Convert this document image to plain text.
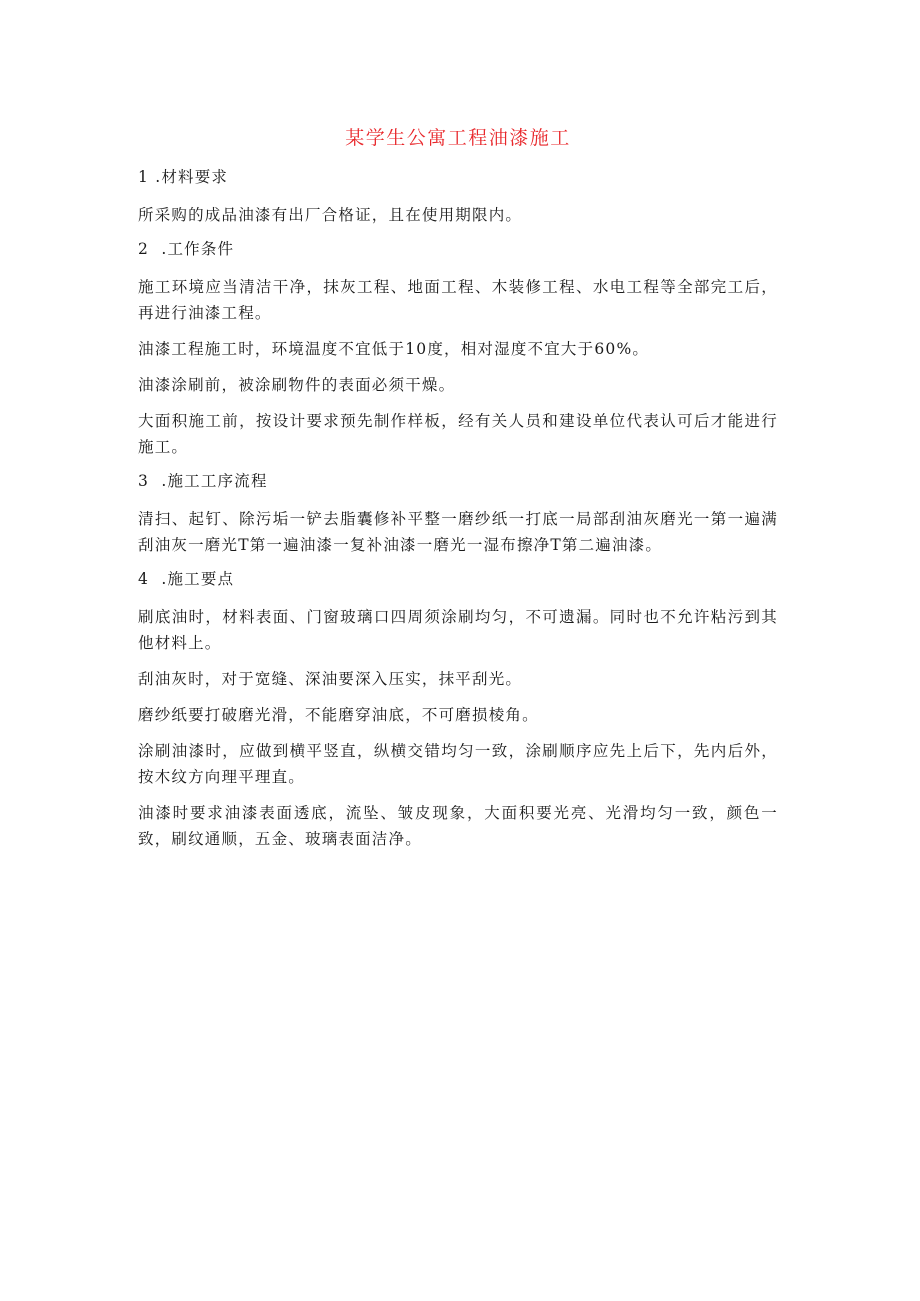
某学生公寓工程油漆施工
1 .材料要求

所采购的成品油漆有出厂合格证，且在使用期限内。

2  .工作条件

施工环境应当清洁干净，抹灰工程、地面工程、木装修工程、水电工程等全部完工后，再进行油漆工程。

油漆工程施工时，环境温度不宜低于10度，相对湿度不宜大于60%。

油漆涂刷前，被涂刷物件的表面必须干燥。

大面积施工前，按设计要求预先制作样板，经有关人员和建设单位代表认可后才能进行施工。

3  .施工工序流程

清扫、起钉、除污垢一铲去脂囊修补平整一磨纱纸一打底一局部刮油灰磨光一第一遍满刮油灰一磨光T第一遍油漆一复补油漆一磨光一湿布擦净T第二遍油漆。

4  .施工要点

刷底油时，材料表面、门窗玻璃口四周须涂刷均匀，不可遗漏。同时也不允许粘污到其他材料上。

刮油灰时，对于宽缝、深油要深入压实，抹平刮光。

磨纱纸要打破磨光滑，不能磨穿油底，不可磨损棱角。

涂刷油漆时，应做到横平竖直，纵横交错均匀一致，涂刷顺序应先上后下，先内后外，按木纹方向理平理直。

油漆时要求油漆表面透底，流坠、皱皮现象，大面积要光亮、光滑均匀一致，颜色一致，刷纹通顺，五金、玻璃表面洁净。
